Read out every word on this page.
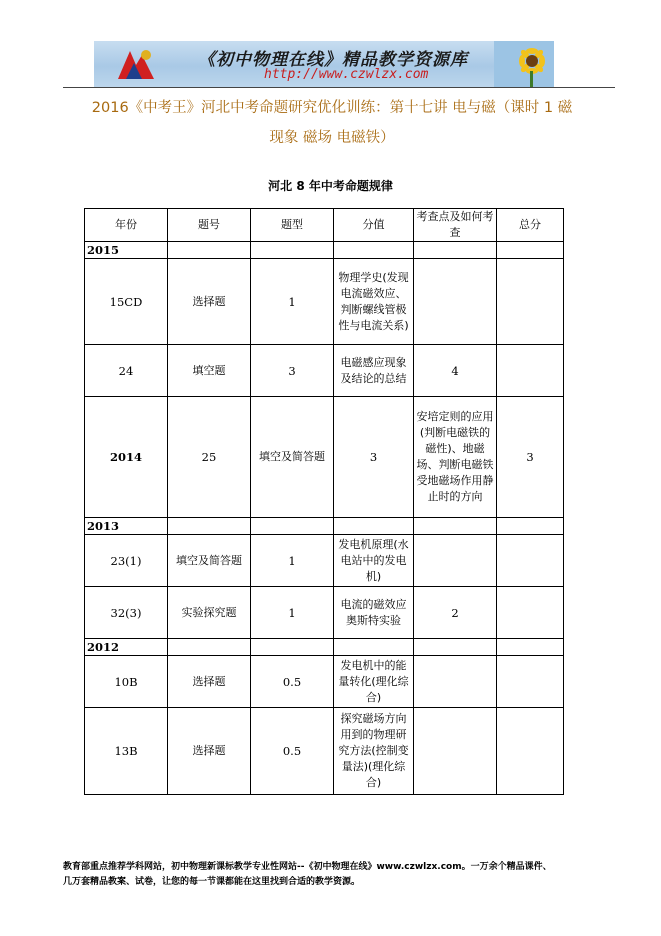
《初中物理在线》精品教学资源库
http://www.czwlzx.com
2016《中考王》河北中考命题研究优化训练：第十七讲 电与磁（课时 1 磁现象 磁场 电磁铁）
河北 8 年中考命题规律
年份	题号	题型	分值	考查点及如何考查	总分
2015					
15CD	选择题	1	物理学史(发现电流磁效应、判断螺线管极性与电流关系)		
24	填空题	3	电磁感应现象及结论的总结	4	
2014	25	填空及简答题	3	安培定则的应用(判断电磁铁的磁性)、地磁场、判断电磁铁受地磁场作用静止时的方向	3
2013					
23(1)	填空及简答题	1	发电机原理(水电站中的发电机)		
32(3)	实验探究题	1	电流的磁效应奥斯特实验	2	
2012					
10B	选择题	0.5	发电机中的能量转化(理化综合)		
13B	选择题	0.5	探究磁场方向用到的物理研究方法(控制变量法)(理化综合)		
教育部重点推荐学科网站，初中物理新课标教学专业性网站--《初中物理在线》www.czwlzx.com。一万余个精品课件、
几万套精品教案、试卷，让您的每一节课都能在这里找到合适的教学资源。
